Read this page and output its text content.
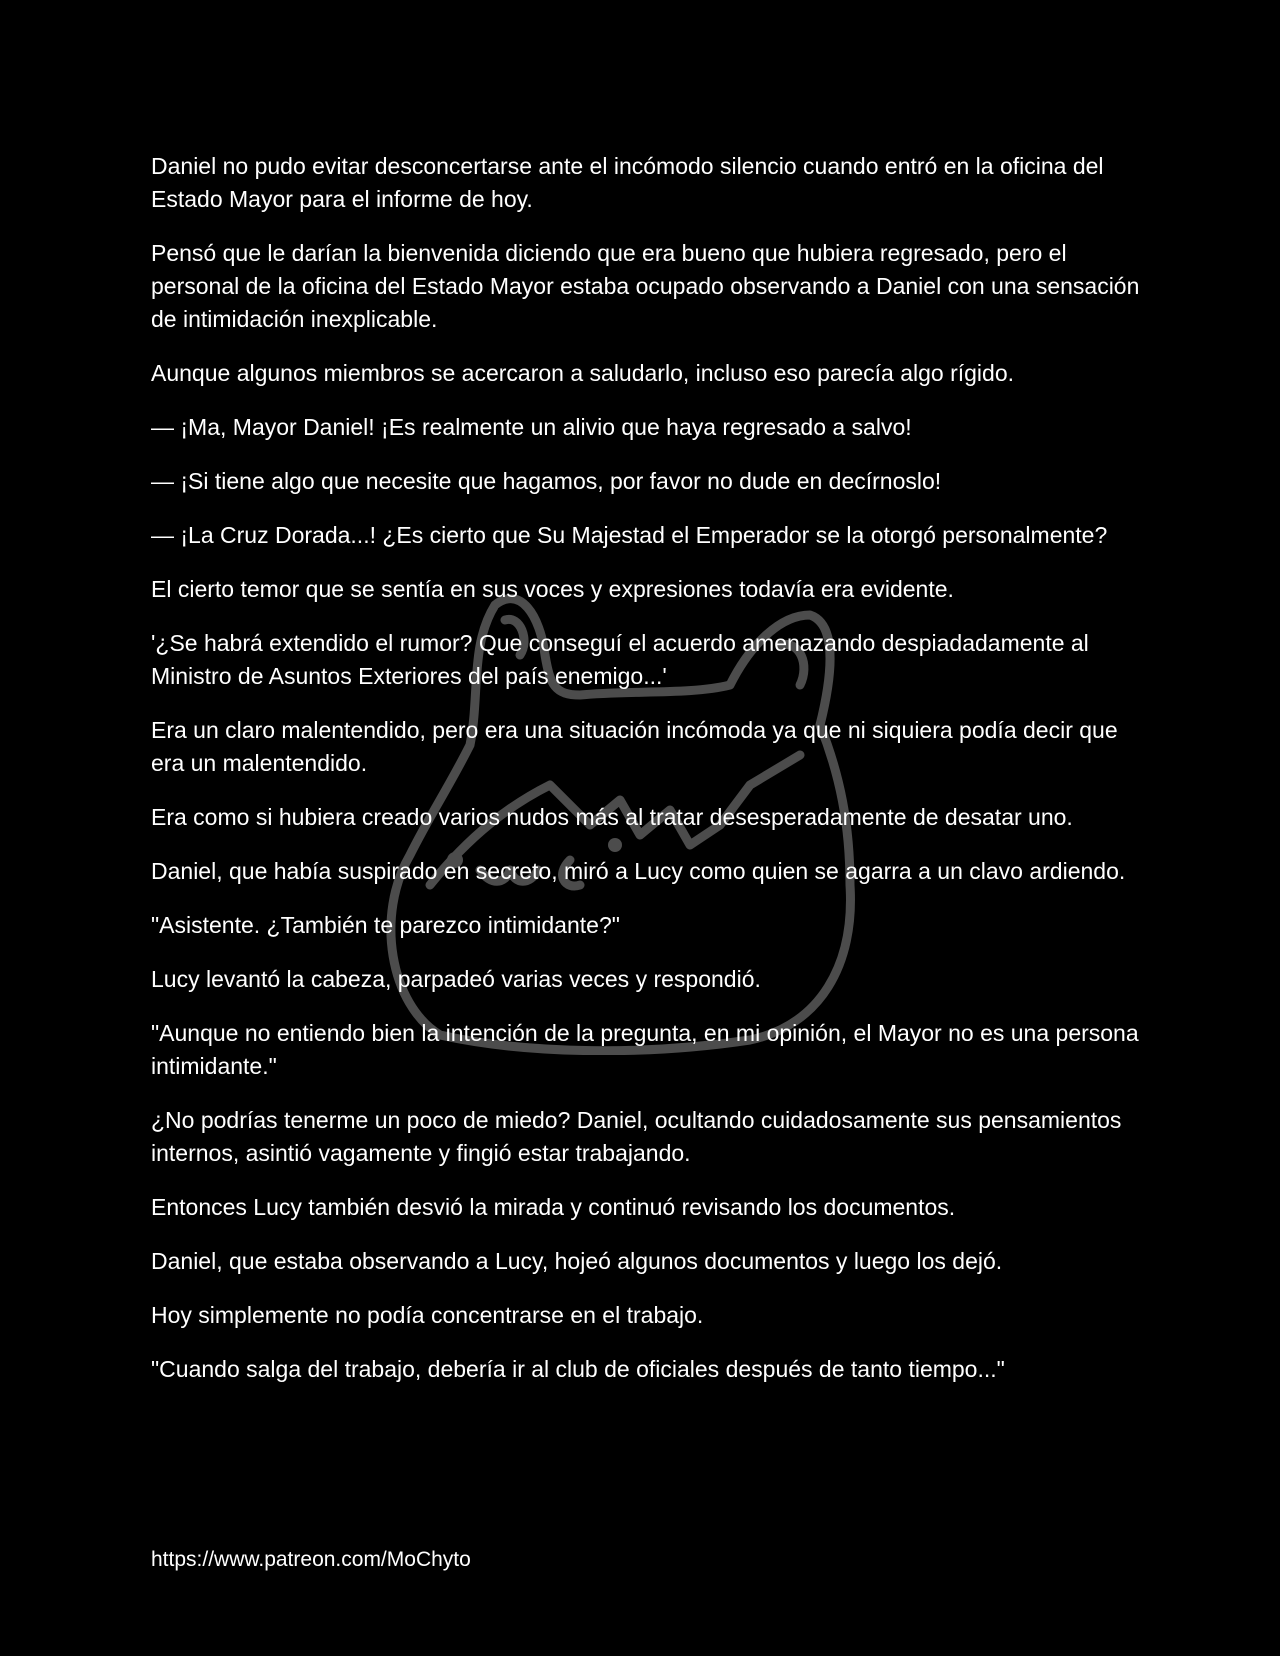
Daniel no pudo evitar desconcertarse ante el incómodo silencio cuando entró en la oficina del Estado Mayor para el informe de hoy.

Pensó que le darían la bienvenida diciendo que era bueno que hubiera regresado, pero el personal de la oficina del Estado Mayor estaba ocupado observando a Daniel con una sensación de intimidación inexplicable.

Aunque algunos miembros se acercaron a saludarlo, incluso eso parecía algo rígido.

— ¡Ma, Mayor Daniel! ¡Es realmente un alivio que haya regresado a salvo!

— ¡Si tiene algo que necesite que hagamos, por favor no dude en decírnoslo!

— ¡La Cruz Dorada...! ¿Es cierto que Su Majestad el Emperador se la otorgó personalmente?

El cierto temor que se sentía en sus voces y expresiones todavía era evidente.

'¿Se habrá extendido el rumor? Que conseguí el acuerdo amenazando despiadadamente al Ministro de Asuntos Exteriores del país enemigo...'

Era un claro malentendido, pero era una situación incómoda ya que ni siquiera podía decir que era un malentendido.

Era como si hubiera creado varios nudos más al tratar desesperadamente de desatar uno.

Daniel, que había suspirado en secreto, miró a Lucy como quien se agarra a un clavo ardiendo.

"Asistente. ¿También te parezco intimidante?"

Lucy levantó la cabeza, parpadeó varias veces y respondió.

"Aunque no entiendo bien la intención de la pregunta, en mi opinión, el Mayor no es una persona intimidante."

¿No podrías tenerme un poco de miedo? Daniel, ocultando cuidadosamente sus pensamientos internos, asintió vagamente y fingió estar trabajando.

Entonces Lucy también desvió la mirada y continuó revisando los documentos.

Daniel, que estaba observando a Lucy, hojeó algunos documentos y luego los dejó.

Hoy simplemente no podía concentrarse en el trabajo.

"Cuando salga del trabajo, debería ir al club de oficiales después de tanto tiempo..."

https://www.patreon.com/MoChyto
